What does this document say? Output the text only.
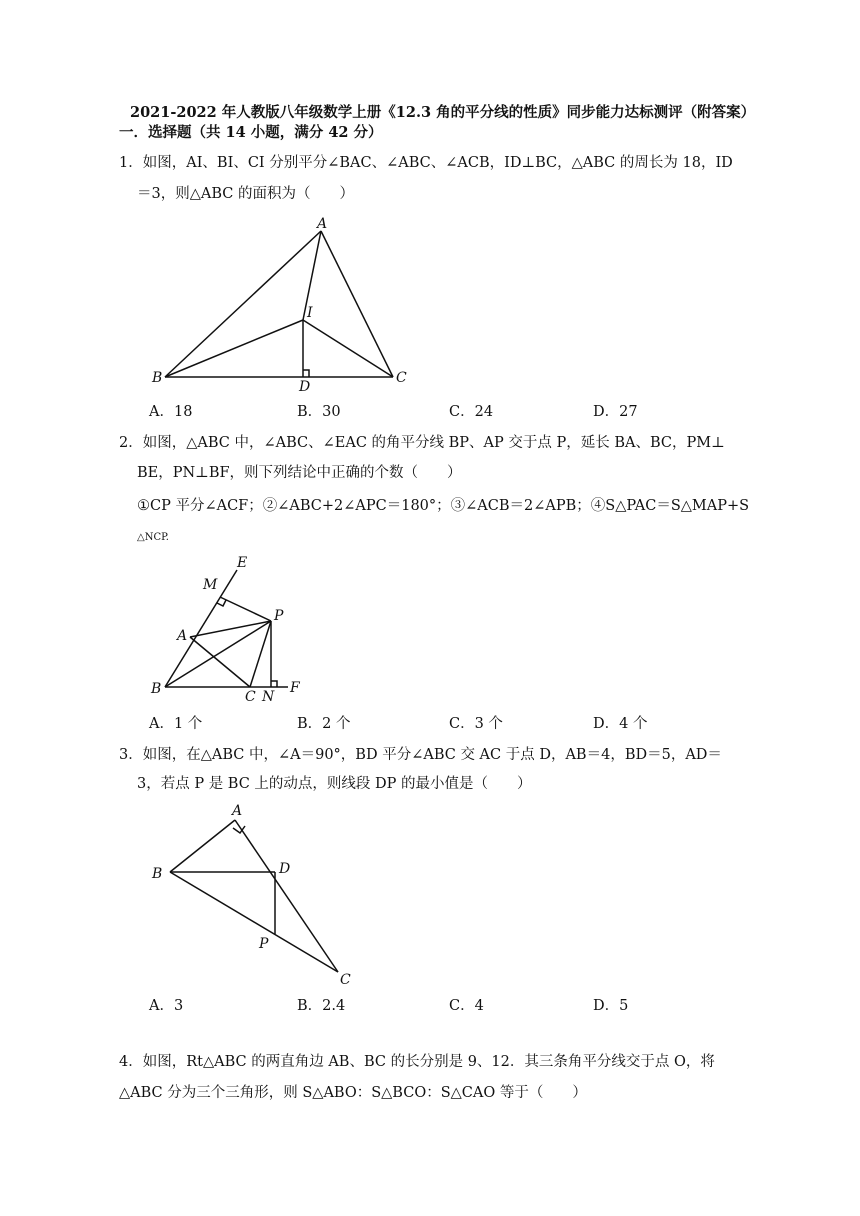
2021-2022 年人教版八年级数学上册《12.3 角的平分线的性质》同步能力达标测评（附答案）
一．选择题（共 14 小题，满分 42 分）
1．如图，AI、BI、CI 分别平分∠BAC、∠ABC、∠ACB，ID⊥BC，△ABC 的周长为 18，ID
＝3，则△ABC 的面积为（　　）
A
B	C
D
I
A．18	B．30	C．24	D．27
2．如图，△ABC 中，∠ABC、∠EAC 的角平分线 BP、AP 交于点 P，延长 BA、BC，PM⊥
BE，PN⊥BF，则下列结论中正确的个数（　　）
①CP 平分∠ACF；②∠ABC+2∠APC＝180°；③∠ACB＝2∠APB；④S△PAC＝S△MAP+S
△NCP.
E
M
P
A
B	C N
F
A．1 个	B．2 个	C．3 个	D．4 个
3．如图，在△ABC 中，∠A＝90°，BD 平分∠ABC 交 AC 于点 D，AB＝4，BD＝5，AD＝
3，若点 P 是 BC 上的动点，则线段 DP 的最小值是（　　）
A
B	D
P
C
A．3	B．2.4	C．4	D．5
4．如图，Rt△ABC 的两直角边 AB、BC 的长分别是 9、12．其三条角平分线交于点 O，将
△ABC 分为三个三角形，则 S△ABO：S△BCO：S△CAO 等于（　　）
